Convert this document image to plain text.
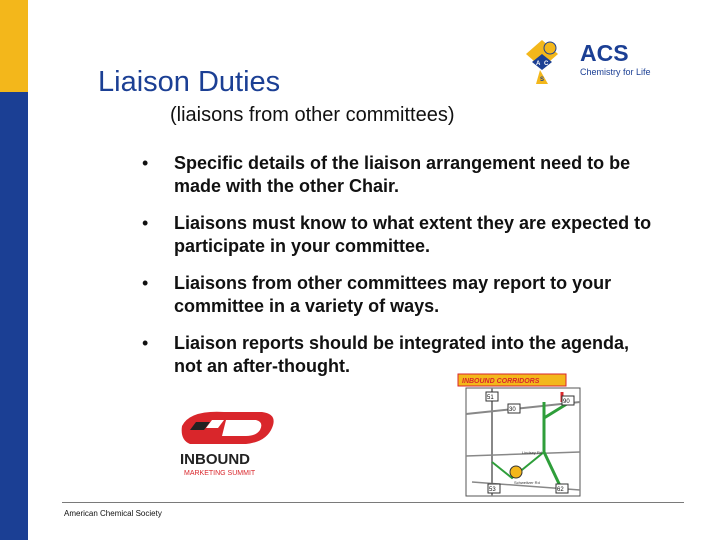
Liaison Duties
(liaisons from other committees)
A C
S
ACS
Chemistry for Life
• Specific details of the liaison arrangement need to be made with the other Chair.
• Liaisons must know to what extent they are expected to participate in your committee.
• Liaisons from other committees may report to your committee in a variety of ways.
• Liaison reports should be integrated into the agenda, not an after-thought.
INBOUND
MARKETING SUMMIT
INBOUND CORRIDORS
51
30
90
53	62
Lindsey Rd
Schweitzer Rd
American Chemical Society
